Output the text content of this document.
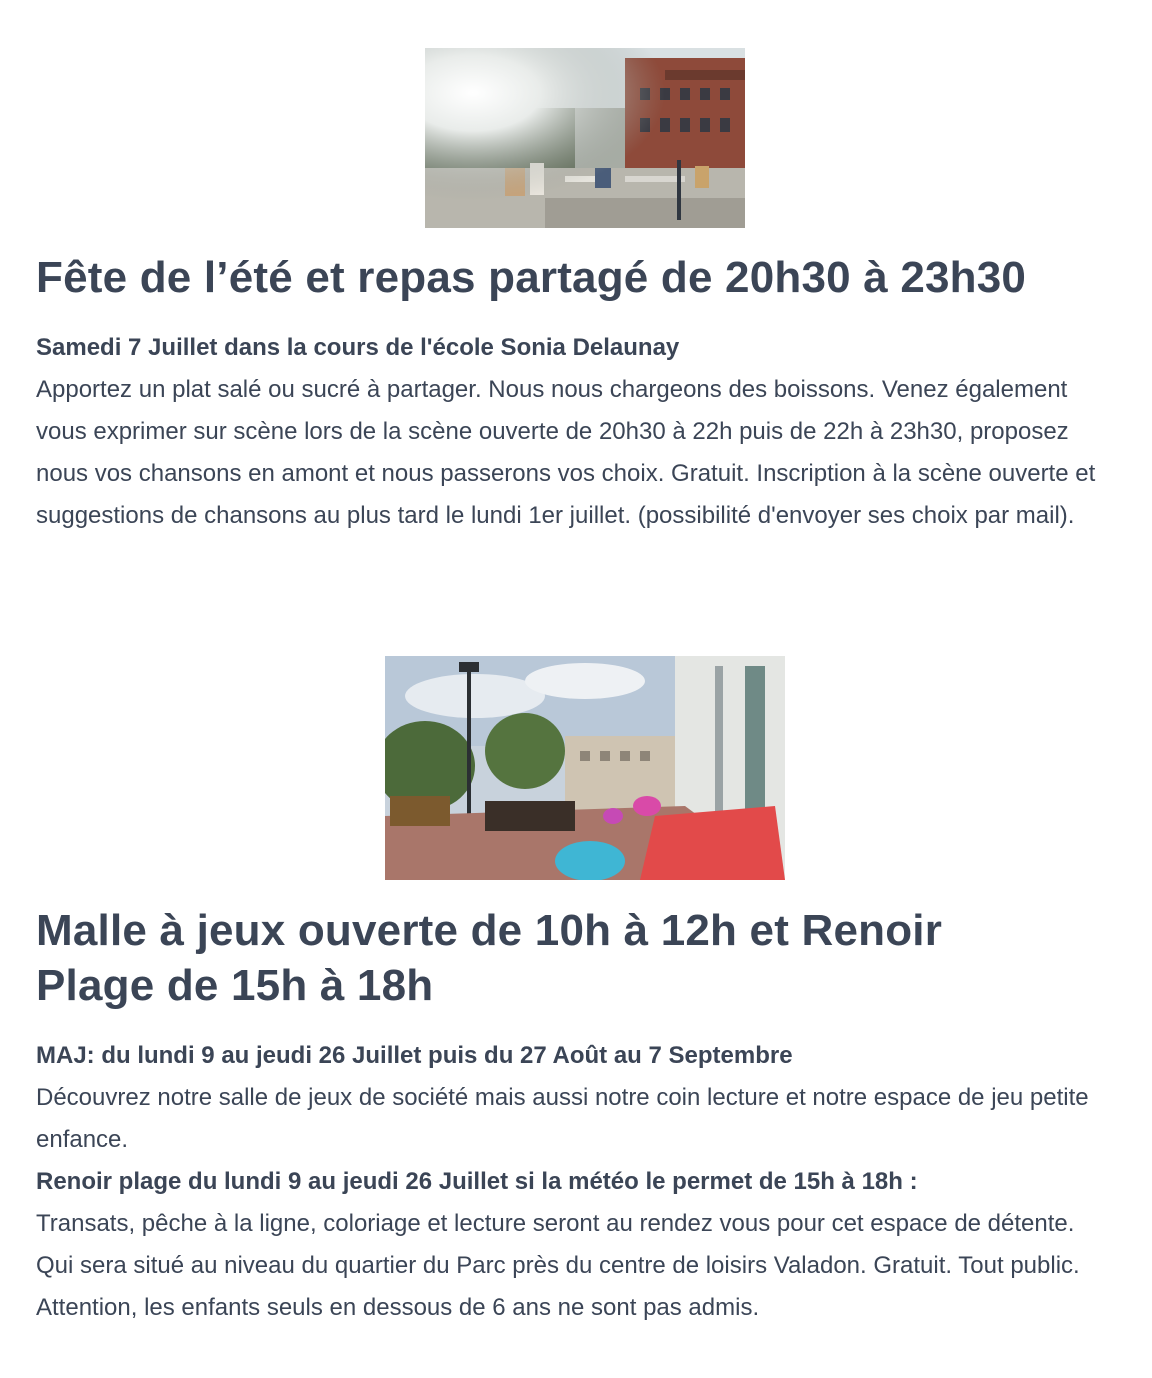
Fête de l’été et repas partagé de 20h30 à 23h30
Samedi 7 Juillet dans la cours de l'école Sonia Delaunay
Apportez un plat salé ou sucré à partager. Nous nous chargeons des boissons. Venez également vous exprimer sur scène lors de la scène ouverte de 20h30 à 22h puis de 22h à 23h30, proposez nous vos chansons en amont et nous passerons vos choix. Gratuit. Inscription à la scène ouverte et suggestions de chansons au plus tard le lundi 1er juillet. (possibilité d'envoyer ses choix par mail).
Malle à jeux ouverte de 10h à 12h et Renoir Plage de 15h à 18h
MAJ: du lundi 9 au jeudi 26 Juillet puis du 27 Août au 7 Septembre
Découvrez notre salle de jeux de société mais aussi notre coin lecture et notre espace de jeu petite enfance.
Renoir plage du lundi 9 au jeudi 26 Juillet si la météo le permet de 15h à 18h :
Transats, pêche à la ligne, coloriage et lecture seront au rendez vous pour cet espace de détente. Qui sera situé au niveau du quartier du Parc près du centre de loisirs Valadon. Gratuit. Tout public. Attention, les enfants seuls en dessous de 6 ans ne sont pas admis.
